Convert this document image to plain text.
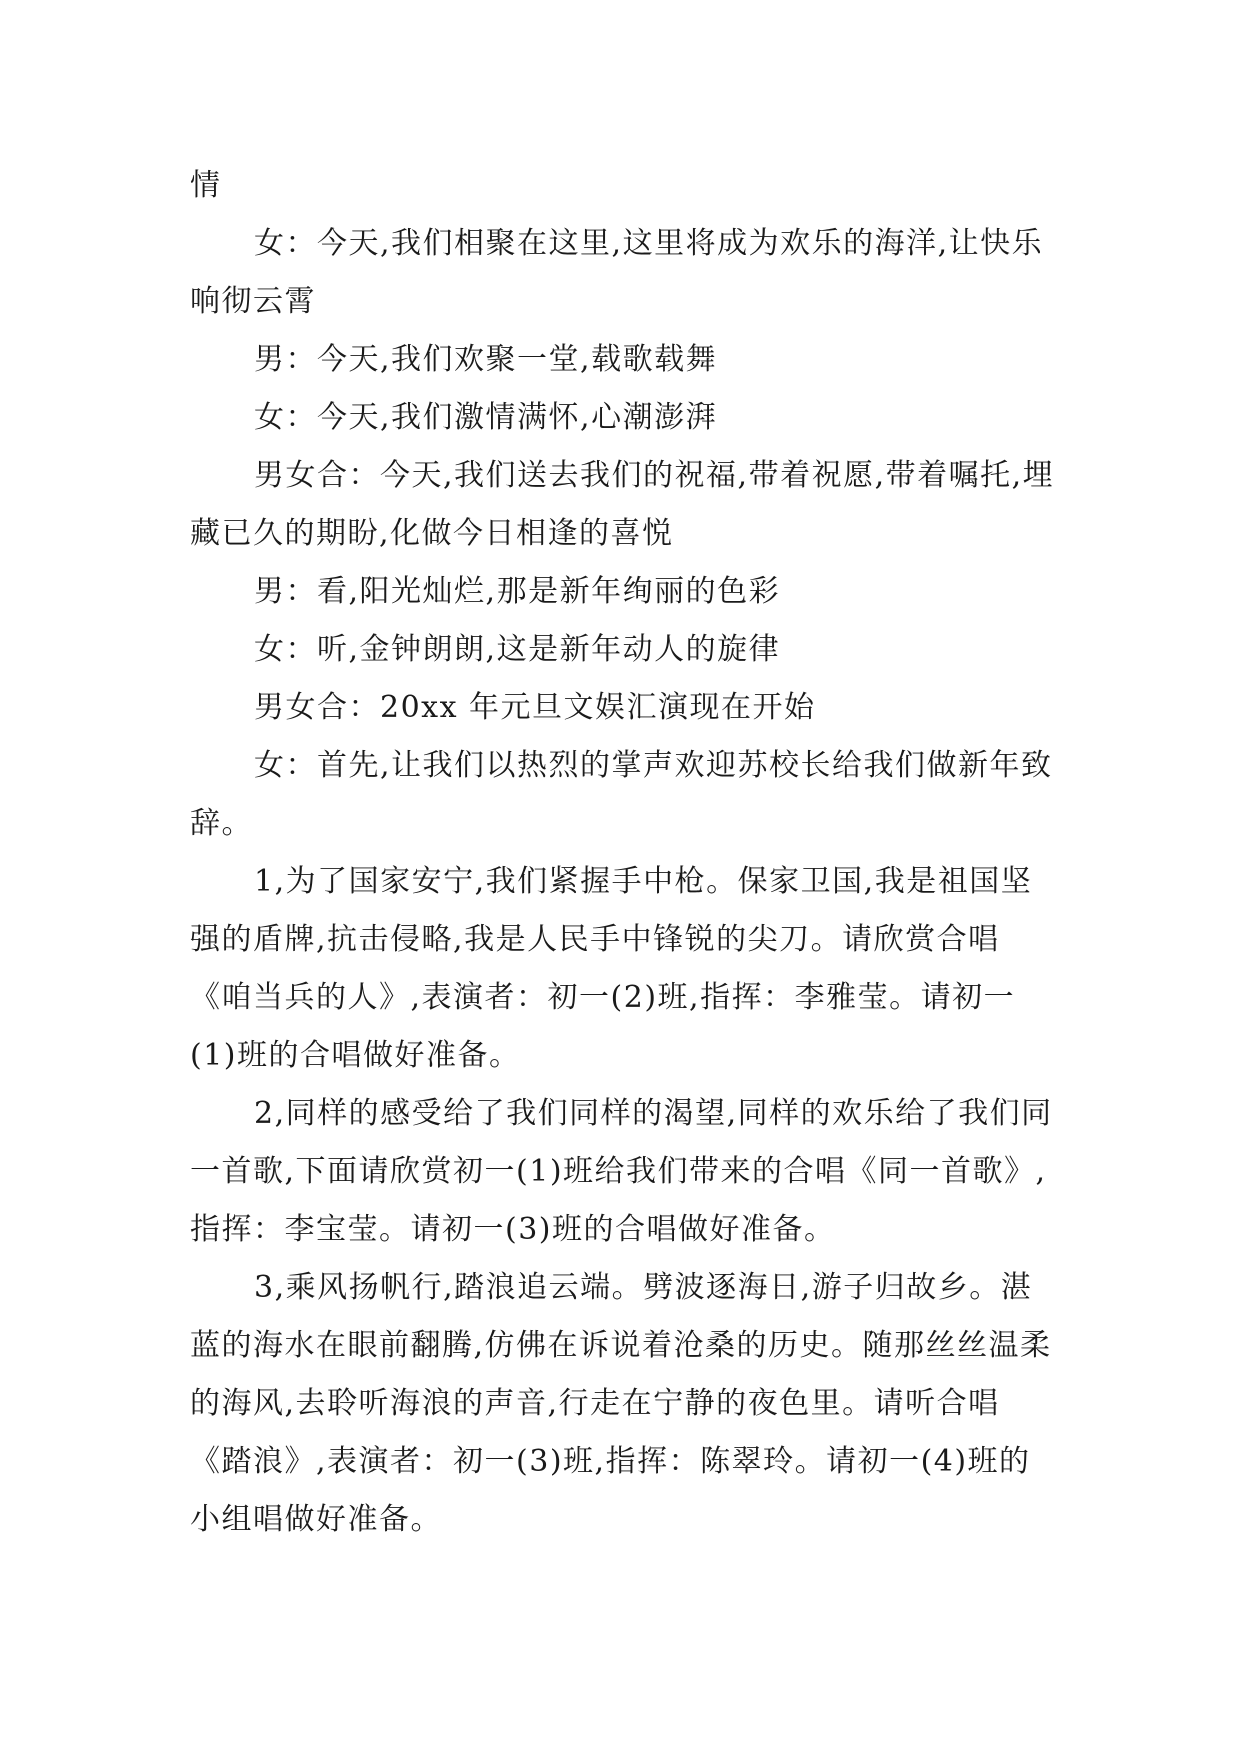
情

女：今天,我们相聚在这里,这里将成为欢乐的海洋,让快乐响彻云霄

男：今天,我们欢聚一堂,载歌载舞

女：今天,我们激情满怀,心潮澎湃

男女合：今天,我们送去我们的祝福,带着祝愿,带着嘱托,埋藏已久的期盼,化做今日相逢的喜悦

男：看,阳光灿烂,那是新年绚丽的色彩

女：听,金钟朗朗,这是新年动人的旋律

男女合：20xx 年元旦文娱汇演现在开始

女：首先,让我们以热烈的掌声欢迎苏校长给我们做新年致辞。

1,为了国家安宁,我们紧握手中枪。保家卫国,我是祖国坚强的盾牌,抗击侵略,我是人民手中锋锐的尖刀。请欣赏合唱《咱当兵的人》,表演者：初一(2)班,指挥：李雅莹。请初一(1)班的合唱做好准备。

2,同样的感受给了我们同样的渴望,同样的欢乐给了我们同一首歌,下面请欣赏初一(1)班给我们带来的合唱《同一首歌》,指挥：李宝莹。请初一(3)班的合唱做好准备。

3,乘风扬帆行,踏浪追云端。劈波逐海日,游子归故乡。湛蓝的海水在眼前翻腾,仿佛在诉说着沧桑的历史。随那丝丝温柔的海风,去聆听海浪的声音,行走在宁静的夜色里。请听合唱《踏浪》,表演者：初一(3)班,指挥：陈翠玲。请初一(4)班的小组唱做好准备。
